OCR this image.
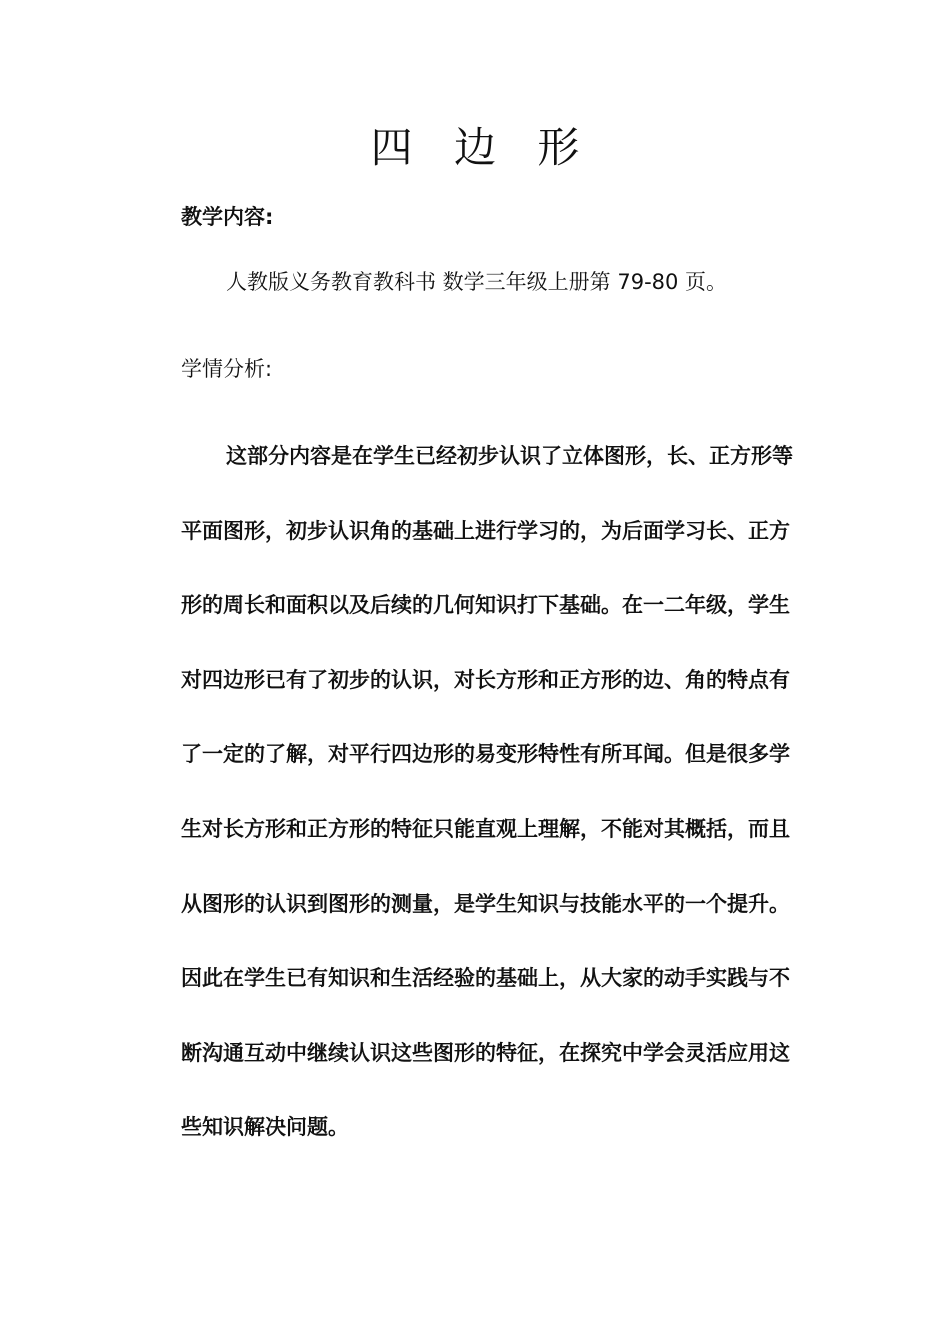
四 边 形
教学内容:
人教版义务教育教科书 数学三年级上册第 79-80 页。
学情分析:
这部分内容是在学生已经初步认识了立体图形，长、正方形等
平面图形，初步认识角的基础上进行学习的，为后面学习长、正方
形的周长和面积以及后续的几何知识打下基础。在一二年级，学生
对四边形已有了初步的认识，对长方形和正方形的边、角的特点有
了一定的了解，对平行四边形的易变形特性有所耳闻。但是很多学
生对长方形和正方形的特征只能直观上理解，不能对其概括，而且
从图形的认识到图形的测量，是学生知识与技能水平的一个提升。
因此在学生已有知识和生活经验的基础上，从大家的动手实践与不
断沟通互动中继续认识这些图形的特征，在探究中学会灵活应用这
些知识解决问题。
